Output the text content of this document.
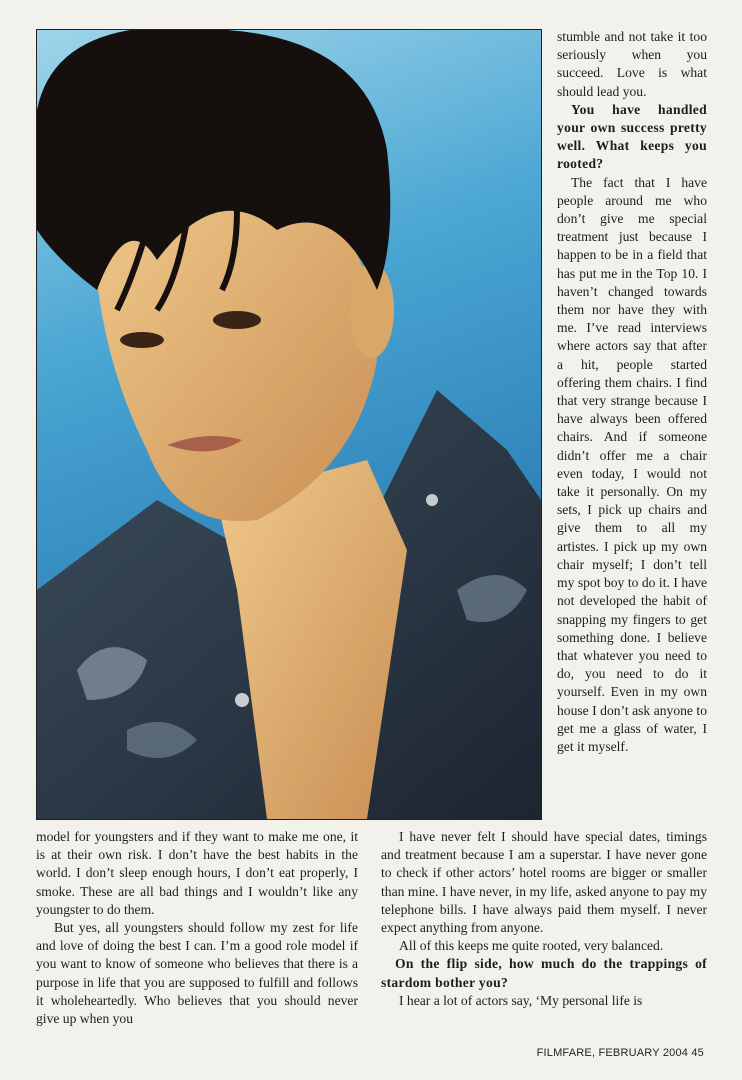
stumble and not take it too seriously when you succeed. Love is what should lead you.

You have handled your own success pretty well. What keeps you rooted?

The fact that I have people around me who don’t give me special treatment just because I happen to be in a field that has put me in the Top 10. I haven’t changed towards them nor have they with me. I’ve read interviews where actors say that after a hit, people started offering them chairs. I find that very strange because I have always been offered chairs. And if someone didn’t offer me a chair even today, I would not take it personally. On my sets, I pick up chairs and give them to all my artistes. I pick up my own chair myself; I don’t tell my spot boy to do it. I have not developed the habit of snapping my fingers to get something done. I believe that whatever you need to do, you need to do it yourself. Even in my own house I don’t ask anyone to get me a glass of water, I get it myself.

model for youngsters and if they want to make me one, it is at their own risk. I don’t have the best habits in the world. I don’t sleep enough hours, I don’t eat properly, I smoke. These are all bad things and I wouldn’t like any youngster to do them.

But yes, all youngsters should follow my zest for life and love of doing the best I can. I’m a good role model if you want to know of someone who believes that there is a purpose in life that you are supposed to fulfill and follows it wholeheartedly. Who believes that you should never give up when you

I have never felt I should have special dates, timings and treatment because I am a superstar. I have never gone to check if other actors’ hotel rooms are bigger or smaller than mine. I have never, in my life, asked anyone to pay my telephone bills. I have always paid them myself. I never expect anything from anyone.

All of this keeps me quite rooted, very balanced.

On the flip side, how much do the trappings of stardom bother you?

I hear a lot of actors say, ‘My personal life is

FILMFARE, FEBRUARY 2004 45
